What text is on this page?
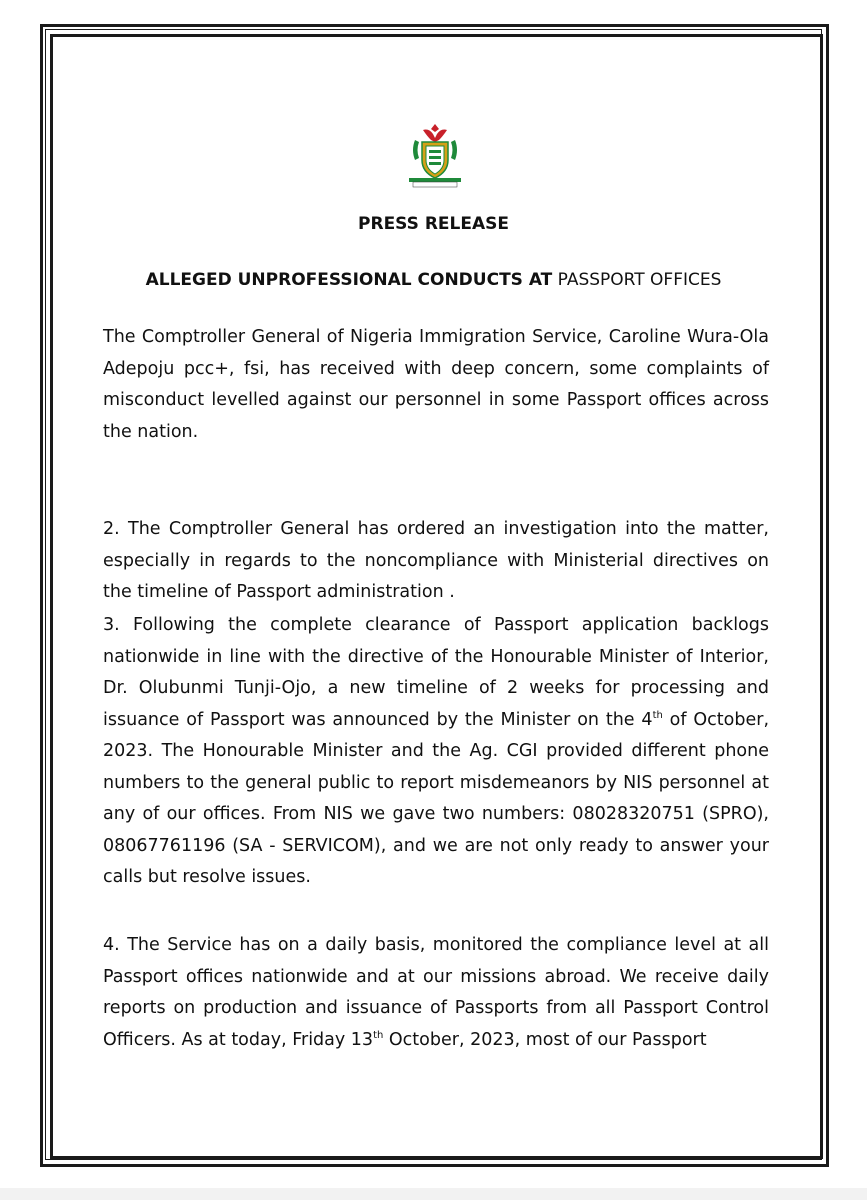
PRESS RELEASE
ALLEGED UNPROFESSIONAL CONDUCTS AT PASSPORT OFFICES

The Comptroller General of Nigeria Immigration Service, Caroline Wura-Ola Adepoju pcc+, fsi, has received with deep concern, some complaints of misconduct levelled against our personnel in some Passport offices across the nation.

2. The Comptroller General has ordered an investigation into the matter, especially in regards to the noncompliance with Ministerial directives on the timeline of Passport administration .

3. Following the complete clearance of Passport application backlogs nationwide in line with the directive of the Honourable Minister of Interior, Dr. Olubunmi Tunji-Ojo, a new timeline of 2 weeks for processing and issuance of Passport was announced by the Minister on the 4th of October, 2023. The Honourable Minister and the Ag. CGI provided different phone numbers to the general public to report misdemeanors by NIS personnel at any of our offices. From NIS we gave two numbers: 08028320751 (SPRO), 08067761196 (SA - SERVICOM), and we are not only ready to answer your calls but resolve issues.

4. The Service has on a daily basis, monitored the compliance level at all Passport offices nationwide and at our missions abroad. We receive daily reports on production and issuance of Passports from all Passport Control Officers. As at today, Friday 13th October, 2023, most of our Passport
